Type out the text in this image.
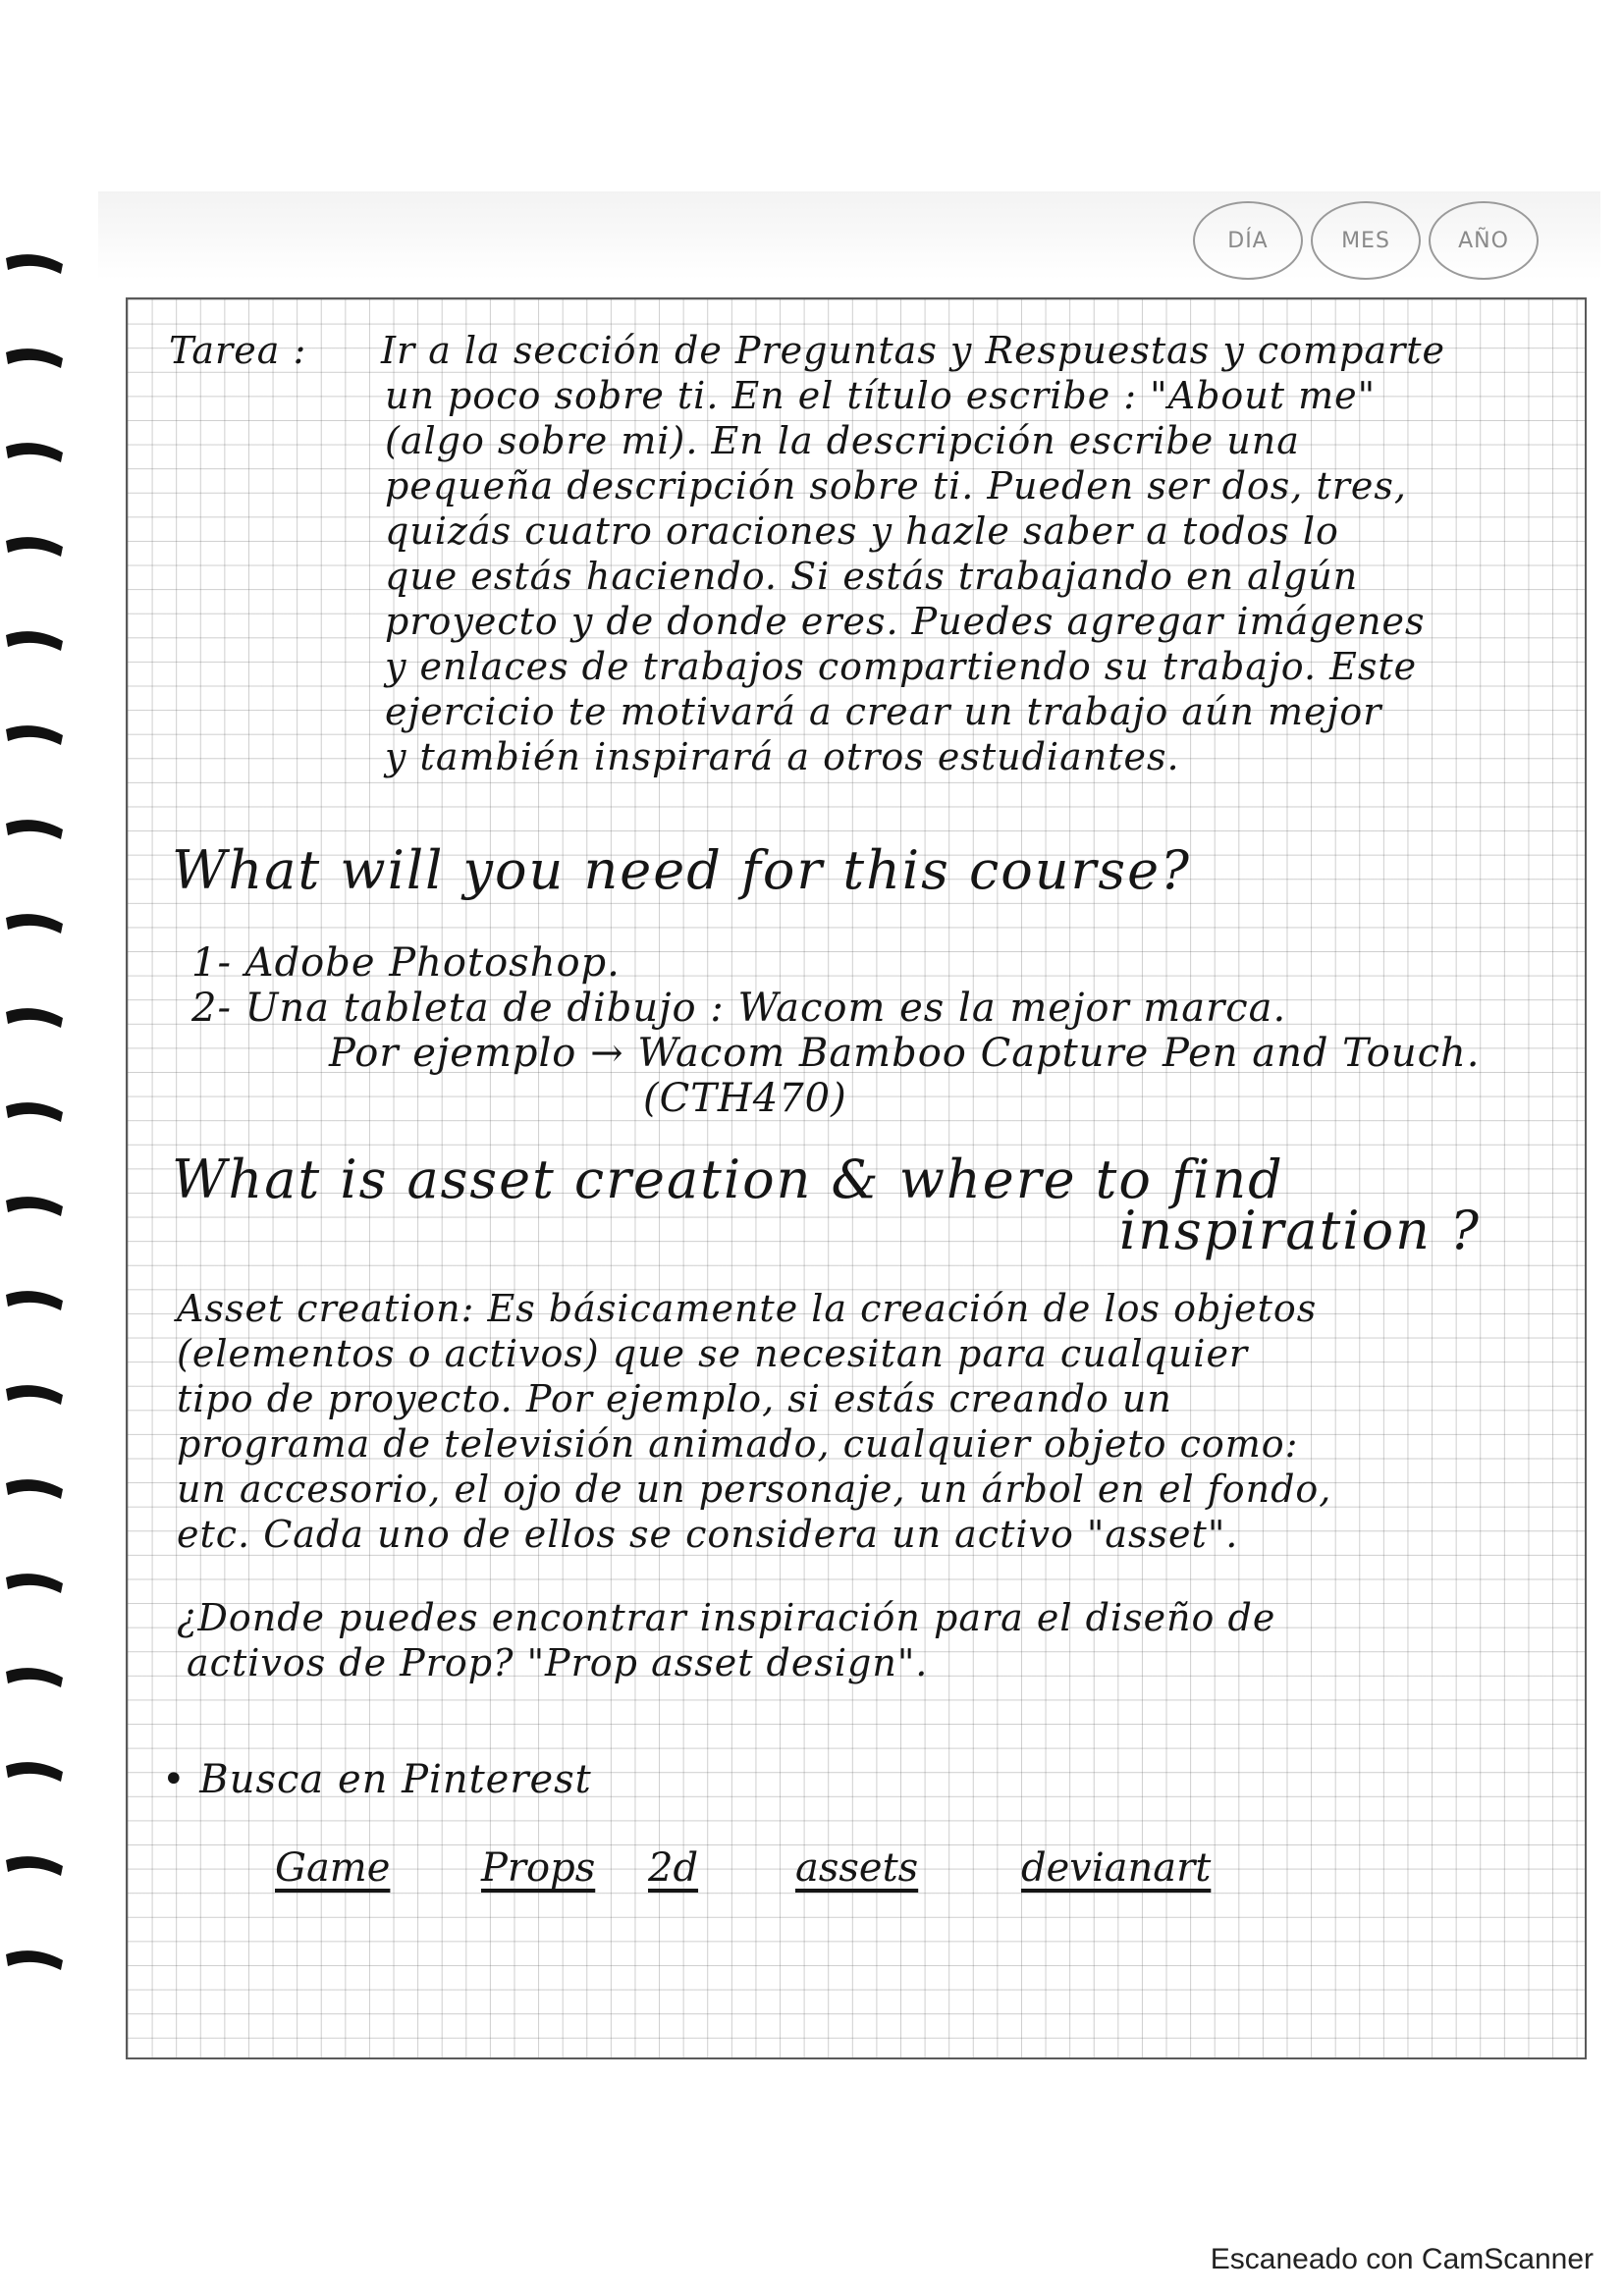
DÍA	MES	AÑO

Tarea : Ir a la sección de Preguntas y Respuestas y comparte

un poco sobre ti. En el título escribe : "About me"

(algo sobre mi). En la descripción escribe una

pequeña descripción sobre ti. Pueden ser dos, tres,

quizás cuatro oraciones y hazle saber a todos lo

que estás haciendo. Si estás trabajando en algún

proyecto y de donde eres. Puedes agregar imágenes

y enlaces de trabajos compartiendo su trabajo. Este

ejercicio te motivará a crear un trabajo aún mejor

y también inspirará a otros estudiantes.

What will you need for this course?

1- Adobe Photoshop.

2- Una tableta de dibujo : Wacom es la mejor marca.

Por ejemplo → Wacom Bamboo Capture Pen and Touch.

(CTH470)

What is asset creation & where to find

inspiration ?

Asset creation: Es básicamente la creación de los objetos

(elementos o activos) que se necesitan para cualquier

tipo de proyecto. Por ejemplo, si estás creando un

programa de televisión animado, cualquier objeto como:

un accesorio, el ojo de un personaje, un árbol en el fondo,

etc. Cada uno de ellos se considera un activo "asset".

¿Donde puedes encontrar inspiración para el diseño de

activos de Prop? "Prop asset design".

• Busca en Pinterest

Game Props 2d assets	devianart

Escaneado con CamScanner
